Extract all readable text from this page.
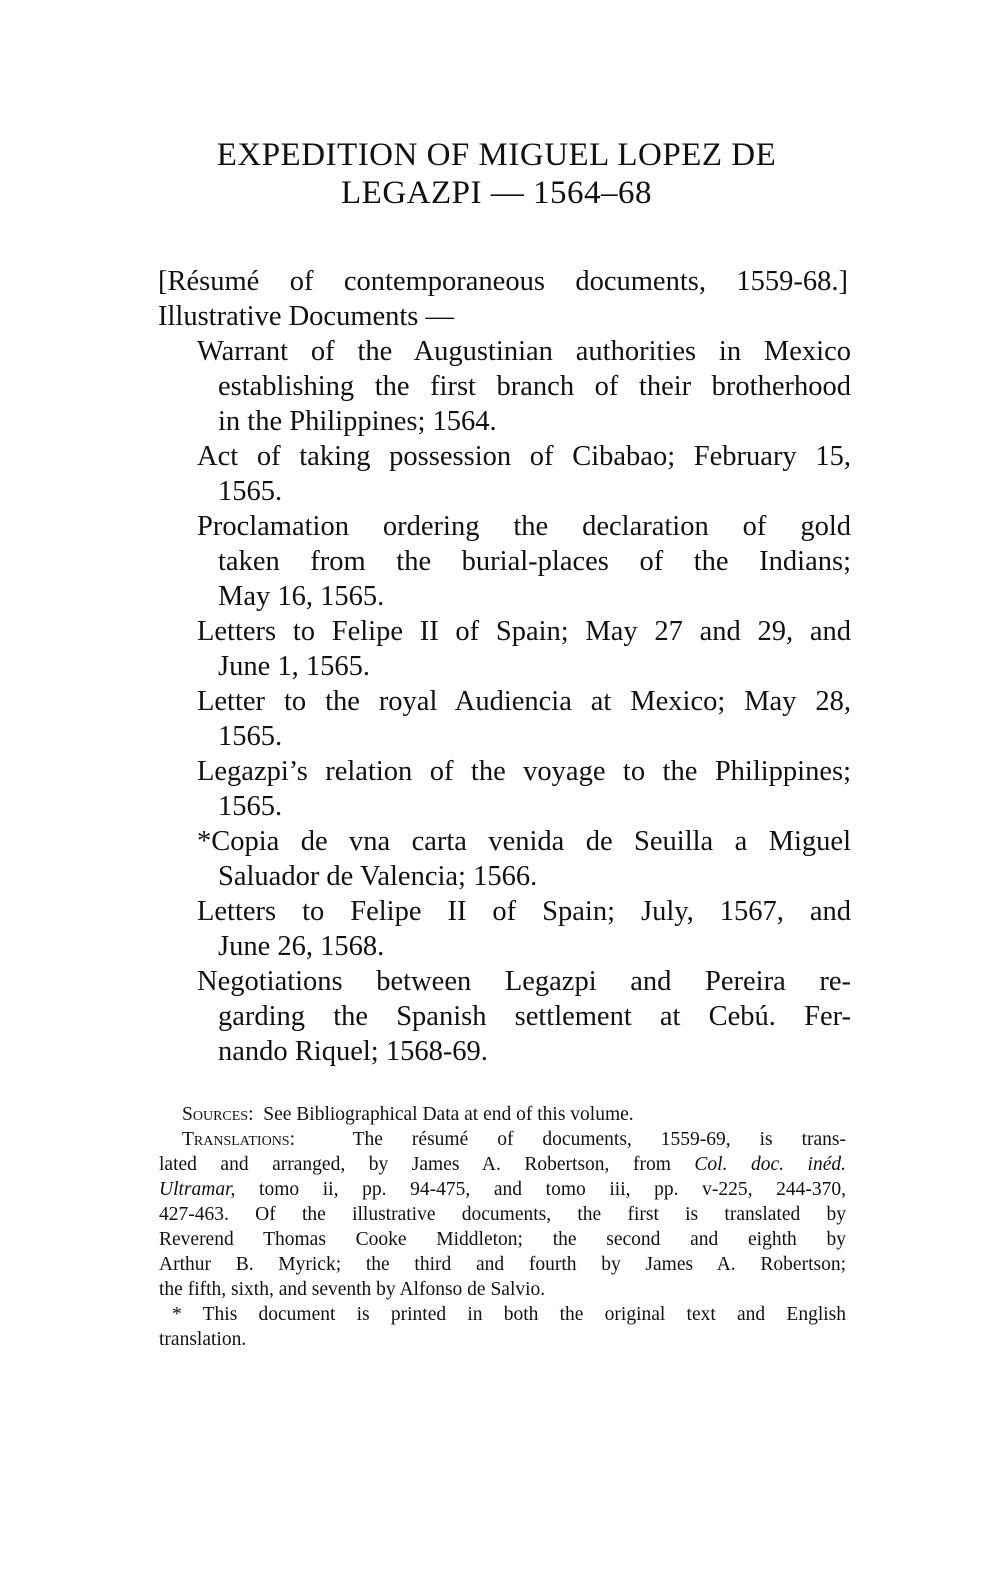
EXPEDITION OF MIGUEL LOPEZ DE
LEGAZPI — 1564–68
[Résumé of contemporaneous documents, 1559-68.]
Illustrative Documents —
Warrant of the Augustinian authorities in Mexico
establishing the first branch of their brotherhood
in the Philippines; 1564.
Act of taking possession of Cibabao; February 15,
1565.
Proclamation ordering the declaration of gold
taken from the burial-places of the Indians;
May 16, 1565.
Letters to Felipe II of Spain; May 27 and 29, and
June 1, 1565.
Letter to the royal Audiencia at Mexico; May 28,
1565.
Legazpi’s relation of the voyage to the Philippines;
1565.
*Copia de vna carta venida de Seuilla a Miguel
Saluador de Valencia; 1566.
Letters to Felipe II of Spain; July, 1567, and
June 26, 1568.
Negotiations between Legazpi and Pereira re-
garding the Spanish settlement at Cebú. Fer-
nando Riquel; 1568-69.
Sources: See Bibliographical Data at end of this volume.
Translations:	The résumé of documents, 1559-69, is trans-
lated and arranged, by James A. Robertson, from Col. doc. inéd.
Ultramar, tomo ii, pp. 94-475, and tomo iii, pp. v-225, 244-370,
427-463. Of the illustrative documents, the first is translated by
Reverend Thomas Cooke Middleton; the second and eighth by
Arthur B. Myrick; the third and fourth by James A. Robertson;
the fifth, sixth, and seventh by Alfonso de Salvio.
* This document is printed in both the original text and English
translation.
